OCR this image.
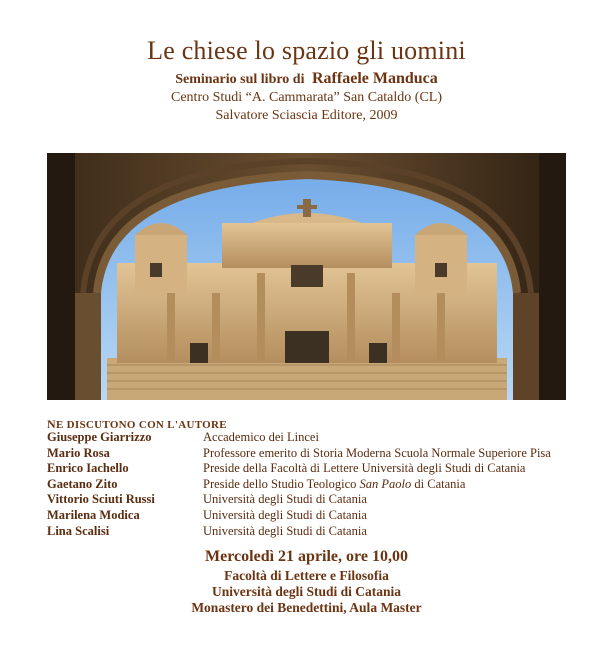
Le chiese lo spazio gli uomini
Seminario sul libro di Raffaele Manduca
Centro Studi “A. Cammarata” San Cataldo (CL)
Salvatore Sciascia Editore, 2009
NE DISCUTONO CON L'AUTORE
Giuseppe Giarrizzo	Accademico dei Lincei
Mario Rosa	Professore emerito di Storia Moderna Scuola Normale Superiore Pisa
Enrico Iachello	Preside della Facoltà di Lettere Università degli Studi di Catania
Gaetano Zito	Preside dello Studio Teologico San Paolo di Catania
Vittorio Sciuti Russi	Università degli Studi di Catania
Marilena Modica	Università degli Studi di Catania
Lina Scalisi	Università degli Studi di Catania
Mercoledì 21 aprile, ore 10,00
Facoltà di Lettere e Filosofia
Università degli Studi di Catania
Monastero dei Benedettini, Aula Master
